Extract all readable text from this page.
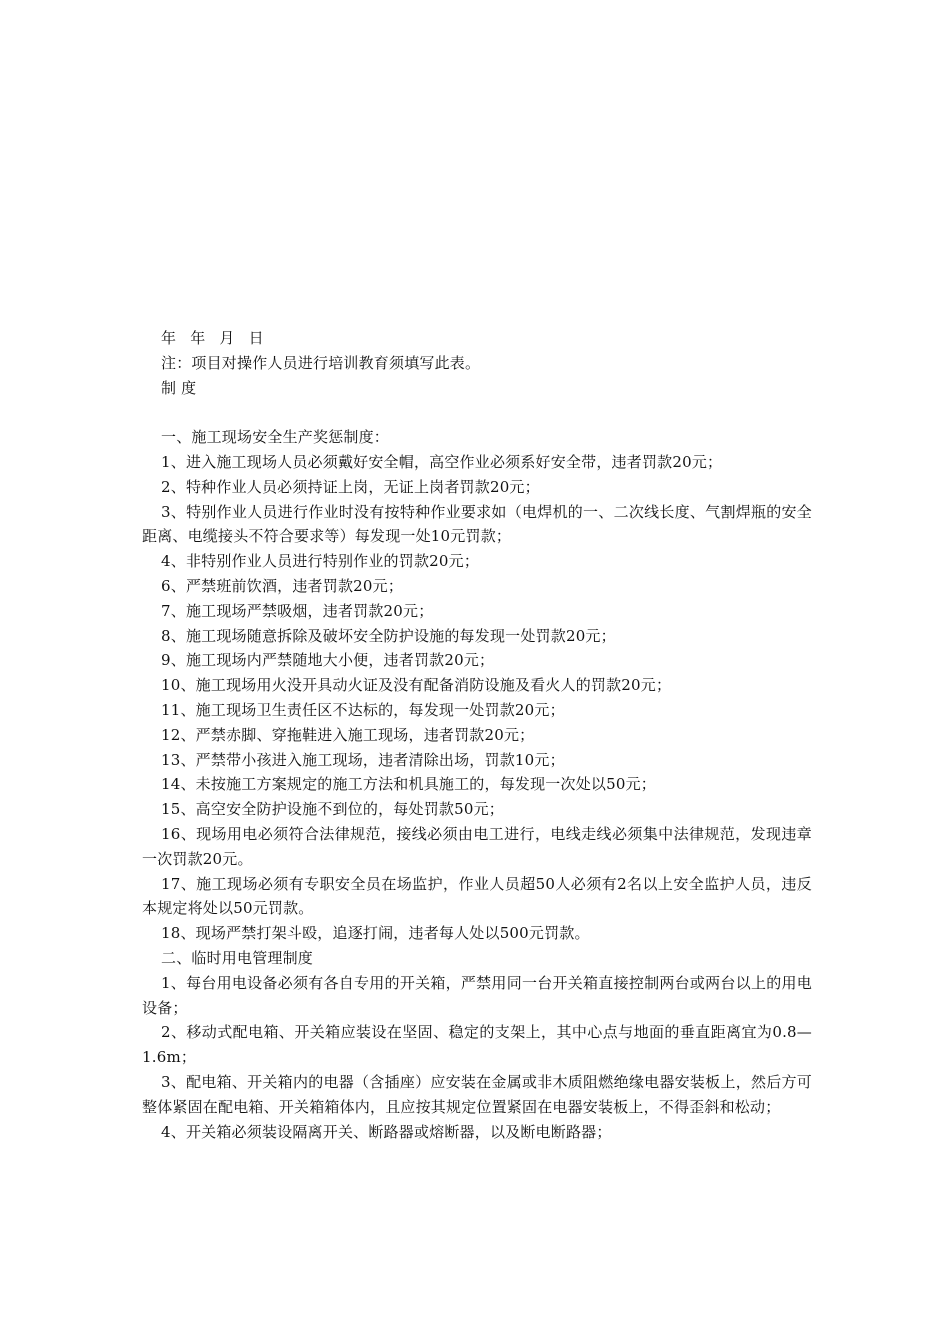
年 年 月 日
注：项目对操作人员进行培训教育须填写此表。
制 度
一、施工现场安全生产奖惩制度：
1、进入施工现场人员必须戴好安全帽，高空作业必须系好安全带，违者罚款20元；
2、特种作业人员必须持证上岗，无证上岗者罚款20元；
3、特别作业人员进行作业时没有按特种作业要求如（电焊机的一、二次线长度、气割焊瓶的安全距离、电缆接头不符合要求等）每发现一处10元罚款；
4、非特别作业人员进行特别作业的罚款20元；
6、严禁班前饮酒，违者罚款20元；
7、施工现场严禁吸烟，违者罚款20元；
8、施工现场随意拆除及破坏安全防护设施的每发现一处罚款20元；
9、施工现场内严禁随地大小便，违者罚款20元；
10、施工现场用火没开具动火证及没有配备消防设施及看火人的罚款20元；
11、施工现场卫生责任区不达标的，每发现一处罚款20元；
12、严禁赤脚、穿拖鞋进入施工现场，违者罚款20元；
13、严禁带小孩进入施工现场，违者清除出场，罚款10元；
14、未按施工方案规定的施工方法和机具施工的，每发现一次处以50元；
15、高空安全防护设施不到位的，每处罚款50元；
16、现场用电必须符合法律规范，接线必须由电工进行，电线走线必须集中法律规范，发现违章一次罚款20元。
17、施工现场必须有专职安全员在场监护，作业人员超50人必须有2名以上安全监护人员，违反本规定将处以50元罚款。
18、现场严禁打架斗殴，追逐打闹，违者每人处以500元罚款。
二、临时用电管理制度
1、每台用电设备必须有各自专用的开关箱，严禁用同一台开关箱直接控制两台或两台以上的用电设备；
2、移动式配电箱、开关箱应装设在坚固、稳定的支架上，其中心点与地面的垂直距离宜为0.8—1.6m；
3、配电箱、开关箱内的电器（含插座）应安装在金属或非木质阻燃绝缘电器安装板上，然后方可整体紧固在配电箱、开关箱箱体内，且应按其规定位置紧固在电器安装板上，不得歪斜和松动；
4、开关箱必须装设隔离开关、断路器或熔断器，以及断电断路器；
